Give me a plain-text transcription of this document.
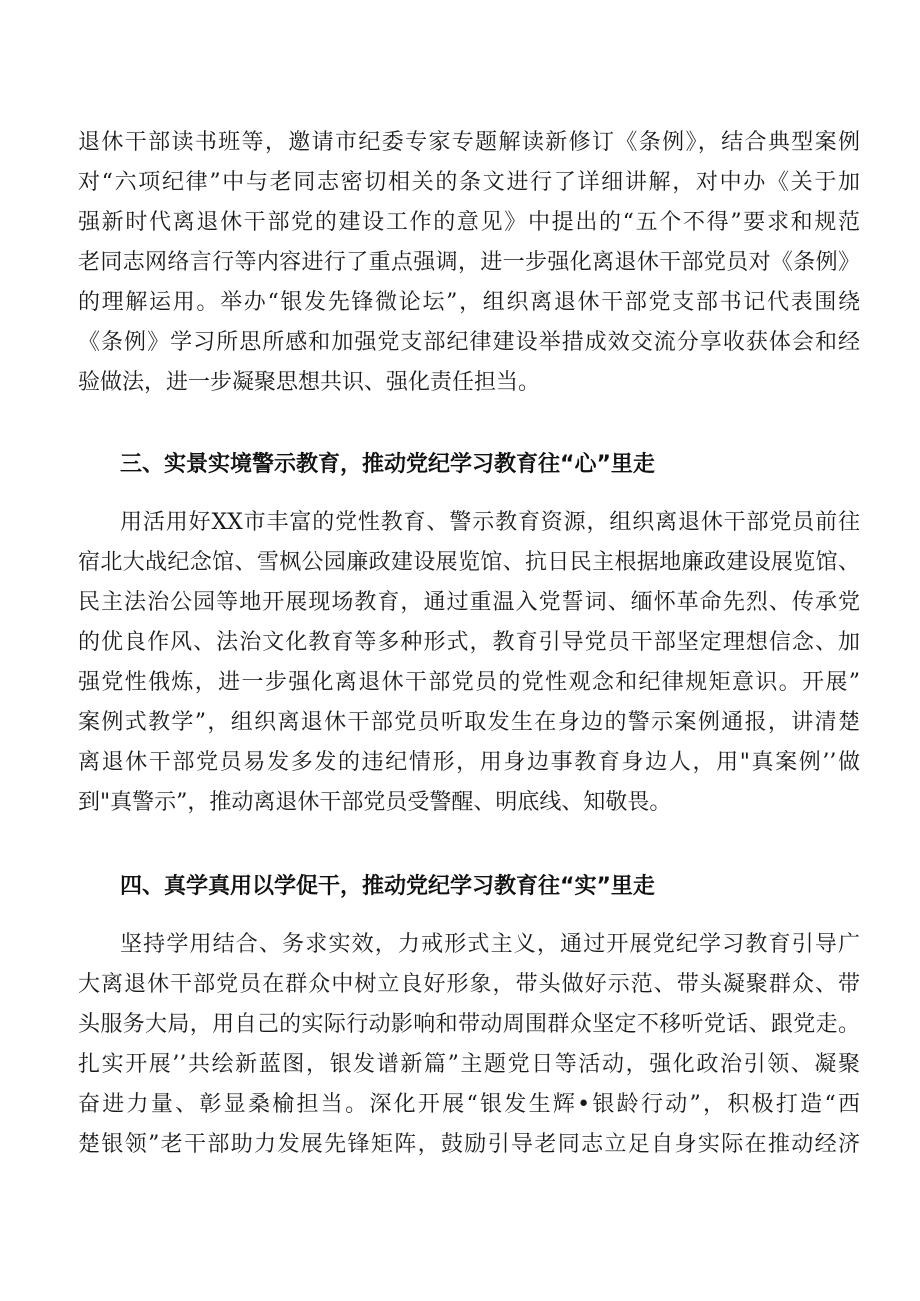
退休干部读书班等，邀请市纪委专家专题解读新修订《条例》，结合典型案例

对“六项纪律”中与老同志密切相关的条文进行了详细讲解，对中办《关于加

强新时代离退休干部党的建设工作的意见》中提出的“五个不得”要求和规范

老同志网络言行等内容进行了重点强调，进一步强化离退休干部党员对《条例》

的理解运用。举办“银发先锋微论坛”，组织离退休干部党支部书记代表围绕

《条例》学习所思所感和加强党支部纪律建设举措成效交流分享收获体会和经

验做法，进一步凝聚思想共识、强化责任担当。

三、实景实境警示教育，推动党纪学习教育往“心”里走

用活用好XX市丰富的党性教育、警示教育资源，组织离退休干部党员前往

宿北大战纪念馆、雪枫公园廉政建设展览馆、抗日民主根据地廉政建设展览馆、

民主法治公园等地开展现场教育，通过重温入党誓词、缅怀革命先烈、传承党

的优良作风、法治文化教育等多种形式，教育引导党员干部坚定理想信念、加

强党性俄炼，进一步强化离退休干部党员的党性观念和纪律规矩意识。开展”

案例式教学”，组织离退休干部党员听取发生在身边的警示案例通报，讲清楚

离退休干部党员易发多发的违纪情形，用身边事教育身边人，用"真案例’’做

到"真警示”，推动离退休干部党员受警醒、明底线、知敬畏。

四、真学真用以学促干，推动党纪学习教育往“实”里走

坚持学用结合、务求实效，力戒形式主义，通过开展党纪学习教育引导广

大离退休干部党员在群众中树立良好形象，带头做好示范、带头凝聚群众、带

头服务大局，用自己的实际行动影响和带动周围群众坚定不移听党话、跟党走。

扎实开展’’共绘新蓝图，银发谱新篇”主题党日等活动，强化政治引领、凝聚

奋进力量、彰显桑榆担当。深化开展“银发生辉•银龄行动”，积极打造“西

楚银领”老干部助力发展先锋矩阵，鼓励引导老同志立足自身实际在推动经济
